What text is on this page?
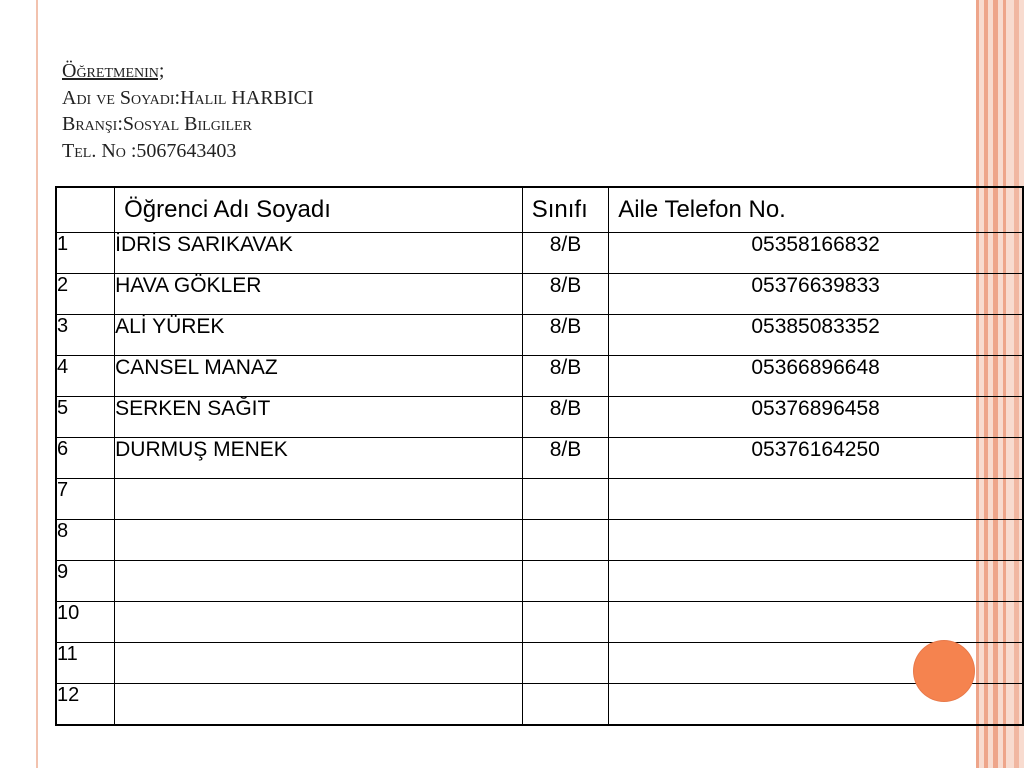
Öğretmenin;
Adı ve Soyadı:Halil HARBICI
Branşı:Sosyal Bilgiler
Tel. No :5067643403
	Öğrenci Adı Soyadı	Sınıfı	Aile Telefon No.
1	İDRİS SARIKAVAK	8/B	05358166832
2	HAVA GÖKLER	8/B	05376639833
3	ALİ YÜREK	8/B	05385083352
4	CANSEL MANAZ	8/B	05366896648
5	SERKEN SAĞIT	8/B	05376896458
6	DURMUŞ MENEK	8/B	05376164250
7			
8			
9			
10			
11			
12			
